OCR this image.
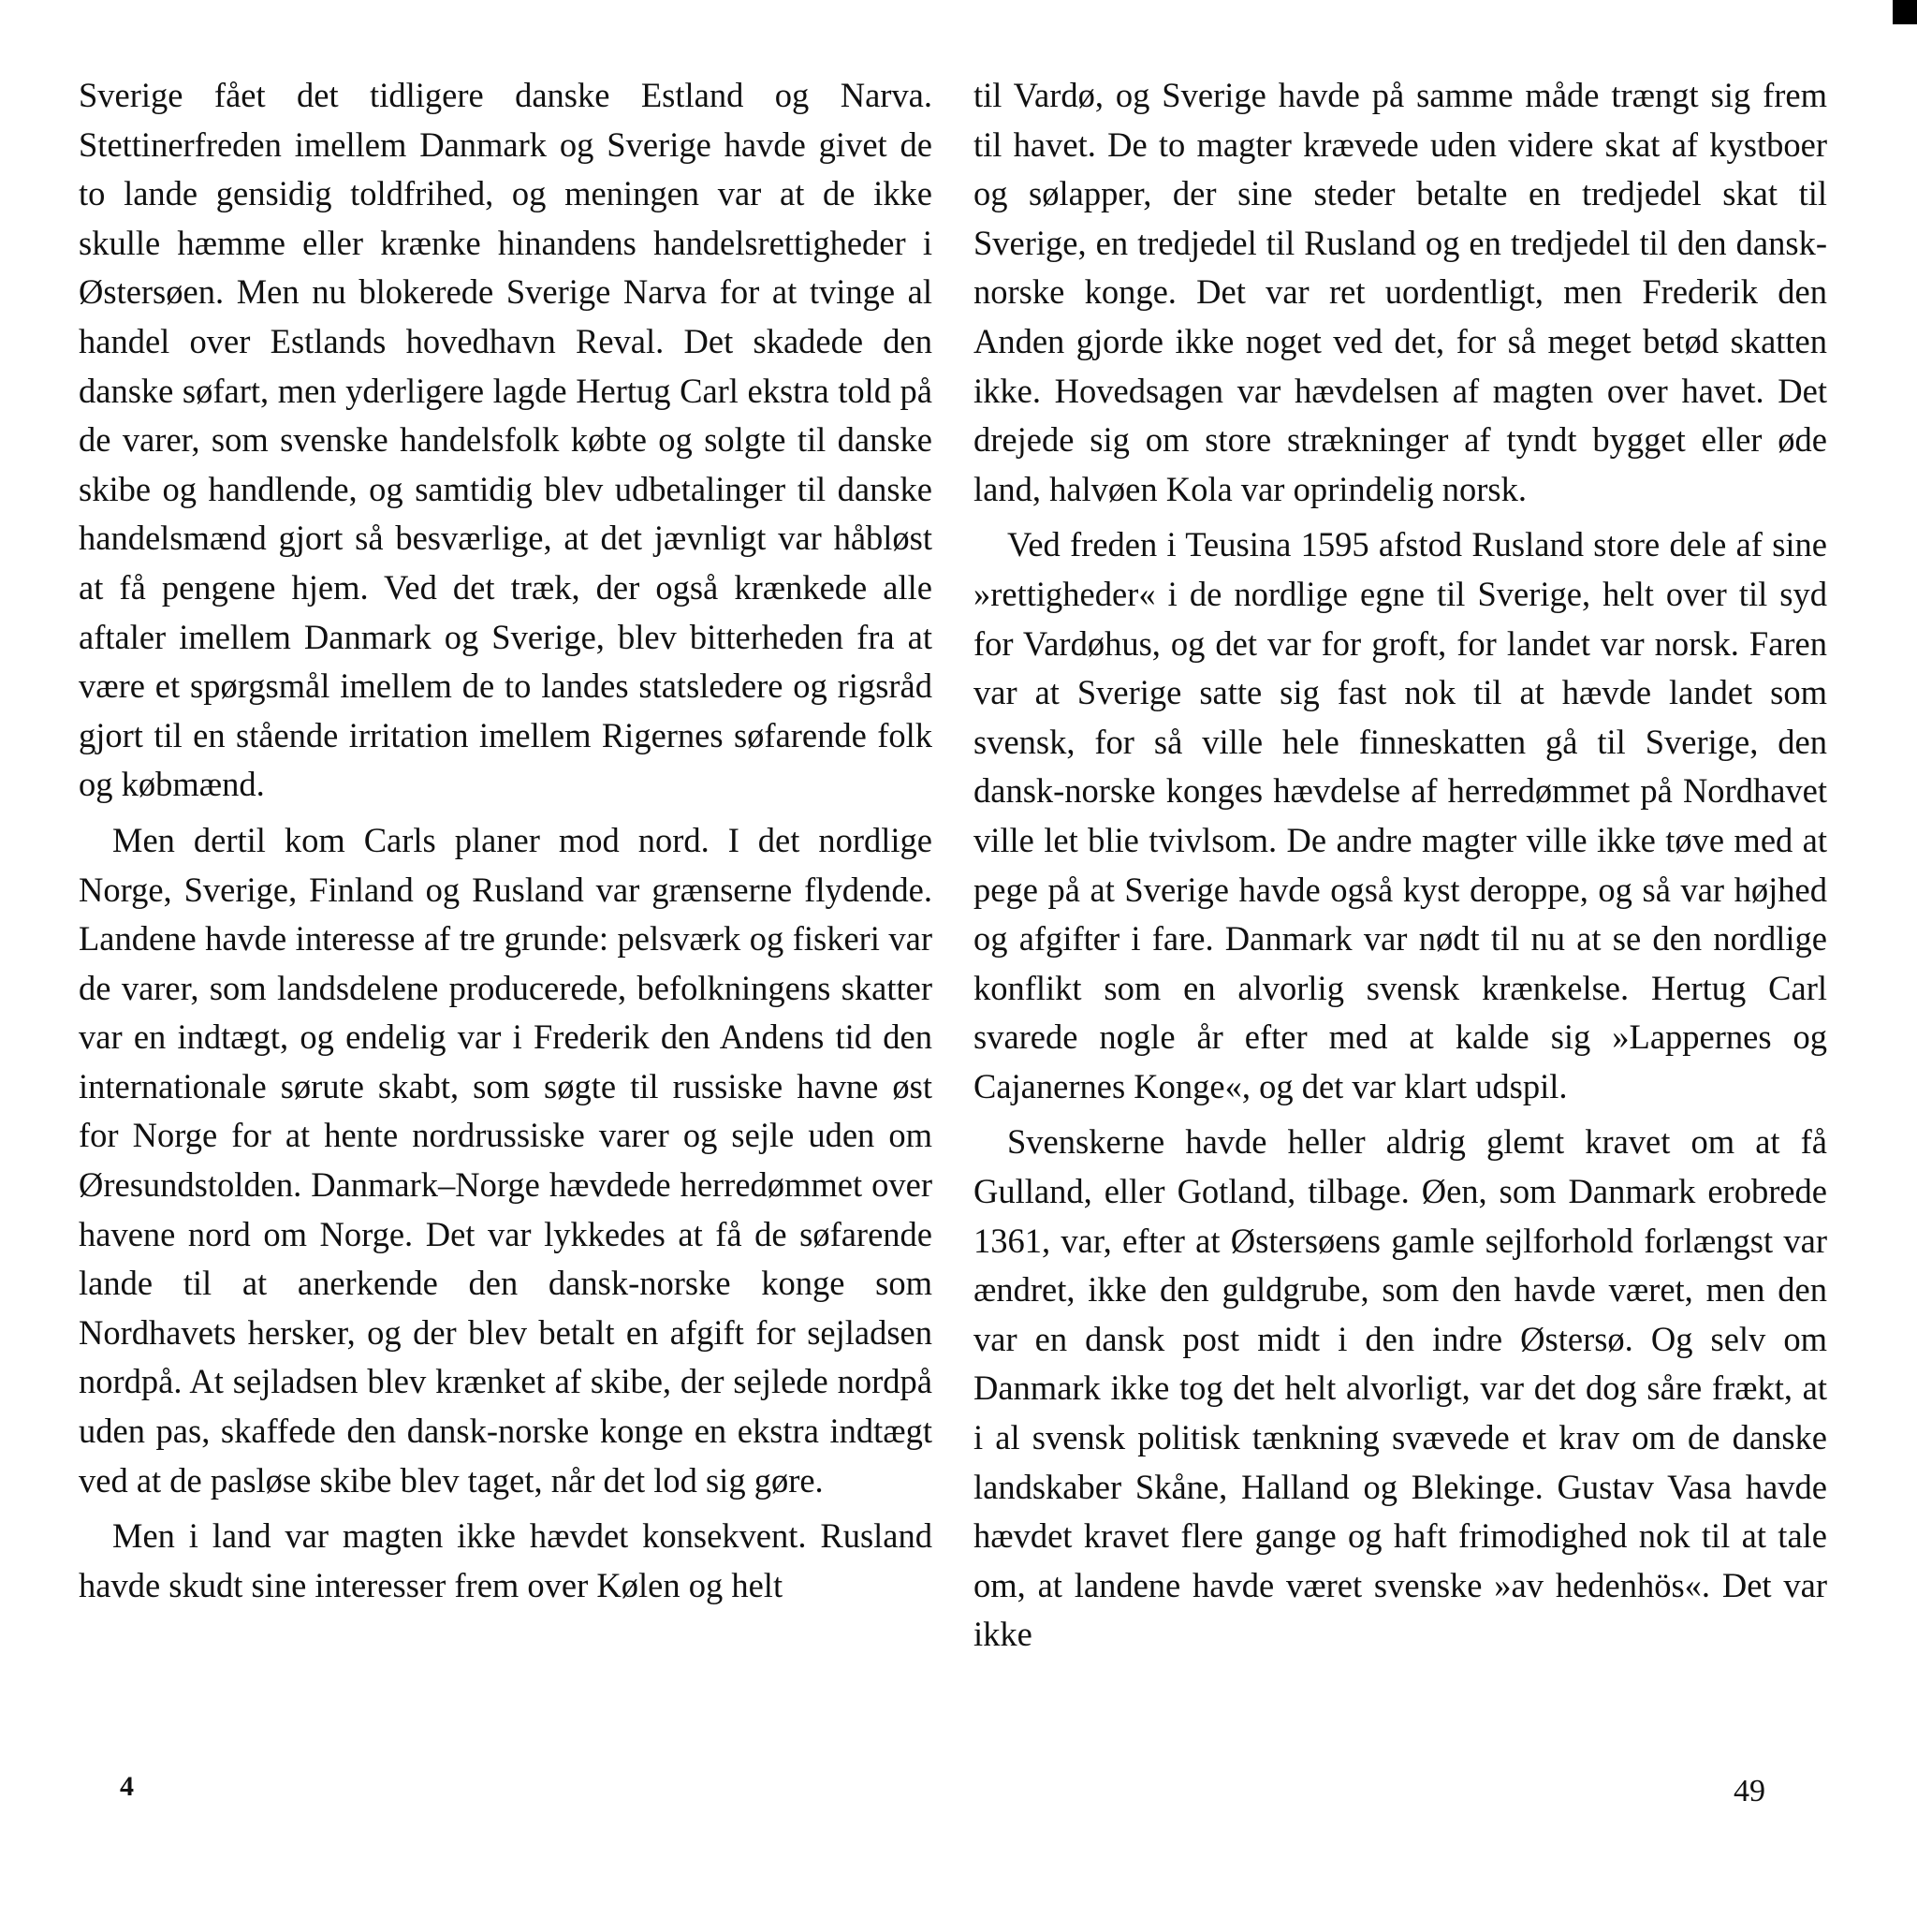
Sverige fået det tidligere danske Estland og Narva. Stettinerfreden imellem Danmark og Sverige havde givet de to lande gensidig toldfrihed, og meningen var at de ikke skulle hæmme eller krænke hinandens handelsrettigheder i Østersøen. Men nu blokerede Sverige Narva for at tvinge al handel over Estlands hovedhavn Reval. Det skadede den danske søfart, men yderligere lagde Hertug Carl ekstra told på de varer, som svenske handelsfolk købte og solgte til danske skibe og handlende, og samtidig blev udbetalinger til danske handelsmænd gjort så besværlige, at det jævnligt var håbløst at få pengene hjem. Ved det træk, der også krænkede alle aftaler imellem Danmark og Sverige, blev bitterheden fra at være et spørgsmål imellem de to landes statsledere og rigsråd gjort til en stående irritation imellem Rigernes søfarende folk og købmænd.

Men dertil kom Carls planer mod nord. I det nordlige Norge, Sverige, Finland og Rusland var grænserne flydende. Landene havde interesse af tre grunde: pelsværk og fiskeri var de varer, som landsdelene producerede, befolkningens skatter var en indtægt, og endelig var i Frederik den Andens tid den internationale sørute skabt, som søgte til russiske havne øst for Norge for at hente nordrussiske varer og sejle uden om Øresundstolden. Danmark–Norge hævdede herredømmet over havene nord om Norge. Det var lykkedes at få de søfarende lande til at anerkende den dansk-norske konge som Nordhavets hersker, og der blev betalt en afgift for sejladsen nordpå. At sejladsen blev krænket af skibe, der sejlede nordpå uden pas, skaffede den dansk-norske konge en ekstra indtægt ved at de pasløse skibe blev taget, når det lod sig gøre.

Men i land var magten ikke hævdet konsekvent. Rusland havde skudt sine interesser frem over Kølen og helt

til Vardø, og Sverige havde på samme måde trængt sig frem til havet. De to magter krævede uden videre skat af kystboer og sølapper, der sine steder betalte en tredjedel skat til Sverige, en tredjedel til Rusland og en tredjedel til den dansk-norske konge. Det var ret uordentligt, men Frederik den Anden gjorde ikke noget ved det, for så meget betød skatten ikke. Hovedsagen var hævdelsen af magten over havet. Det drejede sig om store strækninger af tyndt bygget eller øde land, halvøen Kola var oprindelig norsk.

Ved freden i Teusina 1595 afstod Rusland store dele af sine »rettigheder« i de nordlige egne til Sverige, helt over til syd for Vardøhus, og det var for groft, for landet var norsk. Faren var at Sverige satte sig fast nok til at hævde landet som svensk, for så ville hele finneskatten gå til Sverige, den dansk-norske konges hævdelse af herredømmet på Nordhavet ville let blie tvivlsom. De andre magter ville ikke tøve med at pege på at Sverige havde også kyst deroppe, og så var højhed og afgifter i fare. Danmark var nødt til nu at se den nordlige konflikt som en alvorlig svensk krænkelse. Hertug Carl svarede nogle år efter med at kalde sig »Lappernes og Cajanernes Konge«, og det var klart udspil.

Svenskerne havde heller aldrig glemt kravet om at få Gulland, eller Gotland, tilbage. Øen, som Danmark erobrede 1361, var, efter at Østersøens gamle sejlforhold forlængst var ændret, ikke den guldgrube, som den havde været, men den var en dansk post midt i den indre Østersø. Og selv om Danmark ikke tog det helt alvorligt, var det dog såre frækt, at i al svensk politisk tænkning svævede et krav om de danske landskaber Skåne, Halland og Blekinge. Gustav Vasa havde hævdet kravet flere gange og haft frimodighed nok til at tale om, at landene havde været svenske »av hedenhös«. Det var ikke

4	49
